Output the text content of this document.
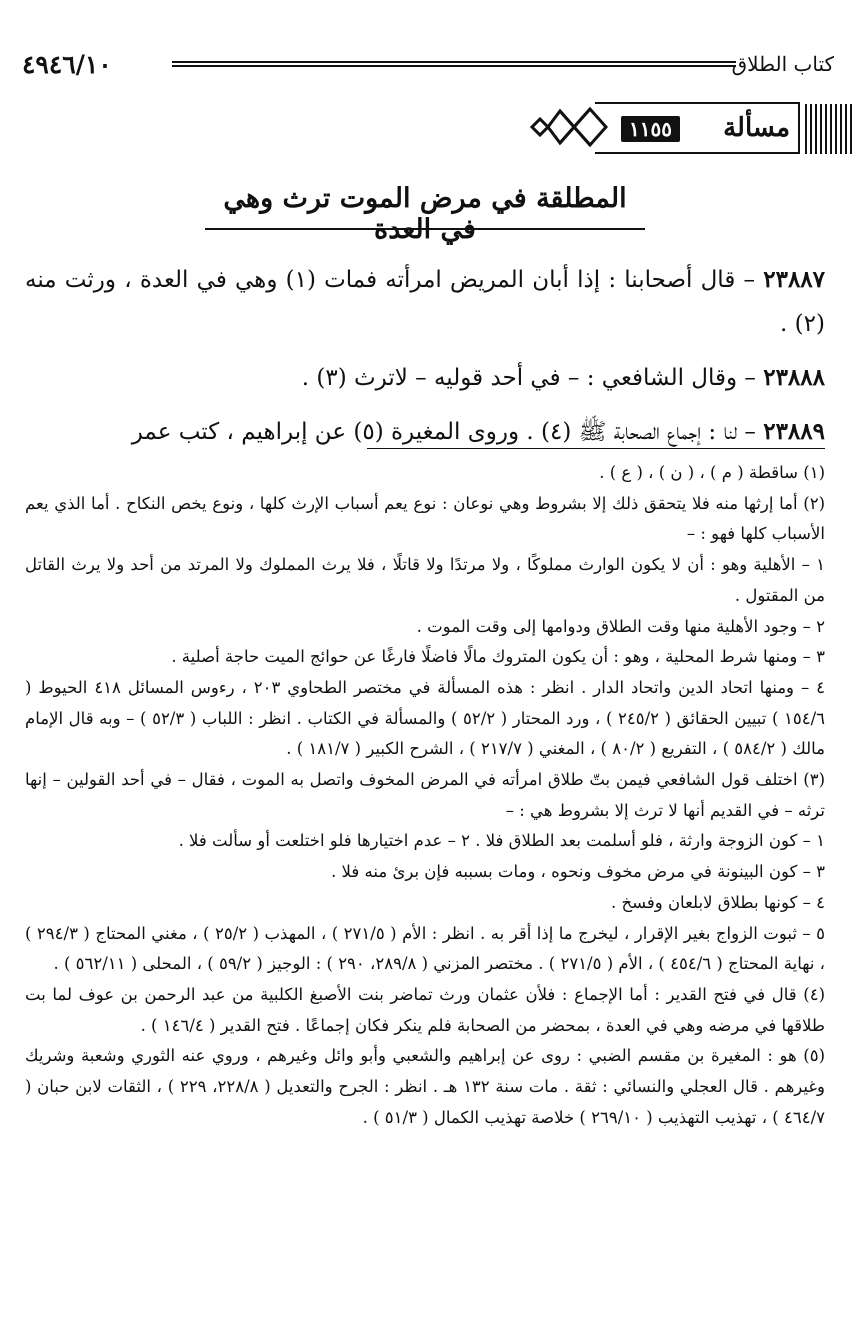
٤٩٤٦/١٠	كتاب الطلاق
مسألة
١١٥٥
المطلقة في مرض الموت ترث وهي في العدة

٢٣٨٨٧ – قال أصحابنا : إذا أبان المريض امرأته فمات (١) وهي في العدة ، ورثت منه (٢) .

٢٣٨٨٨ – وقال الشافعي : – في أحد قوليه – لاترث (٣) .

٢٣٨٨٩ – لنا : إجماع الصحابة ﷺ (٤) . وروى المغيرة (٥) عن إبراهيم ، كتب عمر

(١) ساقطة ( م ) ، ( ن ) ، ( ع ) .

(٢) أما إرثها منه فلا يتحقق ذلك إلا بشروط وهي نوعان : نوع يعم أسباب الإرث كلها ، ونوع يخص النكاح . أما الذي يعم الأسباب كلها فهو : –

١ – الأهلية وهو : أن لا يكون الوارث مملوكًا ، ولا مرتدًا ولا قاتلًا ، فلا يرث المملوك ولا المرتد من أحد ولا يرث القاتل من المقتول .

٢ – وجود الأهلية منها وقت الطلاق ودوامها إلى وقت الموت .

٣ – ومنها شرط المحلية ، وهو : أن يكون المتروك مالًا فاضلًا فارغًا عن حوائج الميت حاجة أصلية .

٤ – ومنها اتحاد الدين واتحاد الدار . انظر : هذه المسألة في مختصر الطحاوي ٢٠٣ ، رءوس المسائل ٤١٨ الحيوط ( ١٥٤/٦ ) تبيين الحقائق ( ٢٤٥/٢ ) ، ورد المحتار ( ٥٢/٢ ) والمسألة في الكتاب . انظر : اللباب ( ٥٢/٣ ) – وبه قال الإمام مالك ( ٥٨٤/٢ ) ، التفريع ( ٨٠/٢ ) ، المغني ( ٢١٧/٧ ) ، الشرح الكبير ( ١٨١/٧ ) .

(٣) اختلف قول الشافعي فيمن بتّ طلاق امرأته في المرض المخوف واتصل به الموت ، فقال – في أحد القولين – إنها ترثه – في القديم أنها لا ترث إلا بشروط هي : –

١ – كون الزوجة وارثة ، فلو أسلمت بعد الطلاق فلا . ٢ – عدم اختيارها فلو اختلعت أو سألت فلا .

٣ – كون البينونة في مرض مخوف ونحوه ، ومات بسببه فإن برئ منه فلا .

٤ – كونها بطلاق لابلعان وفسخ .

٥ – ثبوت الزواج بغير الإقرار ، ليخرج ما إذا أقر به . انظر : الأم ( ٢٧١/٥ ) ، المهذب ( ٢٥/٢ ) ، مغني المحتاج ( ٢٩٤/٣ ) ، نهاية المحتاج ( ٤٥٤/٦ ) ، الأم ( ٢٧١/٥ ) . مختصر المزني ( ٢٨٩/٨، ٢٩٠ ) : الوجيز ( ٥٩/٢ ) ، المحلى ( ٥٦٢/١١ ) .

(٤) قال في فتح القدير : أما الإجماع : فلأن عثمان ورث تماضر بنت الأصبغ الكلبية من عبد الرحمن بن عوف لما بت طلاقها في مرضه وهي في العدة ، بمحضر من الصحابة فلم ينكر فكان إجماعًا . فتح القدير ( ١٤٦/٤ ) .

(٥) هو : المغيرة بن مقسم الضبي : روى عن إبراهيم والشعبي وأبو وائل وغيرهم ، وروي عنه الثوري وشعبة وشريك وغيرهم . قال العجلي والنسائي : ثقة . مات سنة ١٣٢ هـ . انظر : الجرح والتعديل ( ٢٢٨/٨، ٢٢٩ ) ، الثقات لابن حبان ( ٤٦٤/٧ ) ، تهذيب التهذيب ( ٢٦٩/١٠ ) خلاصة تهذيب الكمال ( ٥١/٣ ) .
